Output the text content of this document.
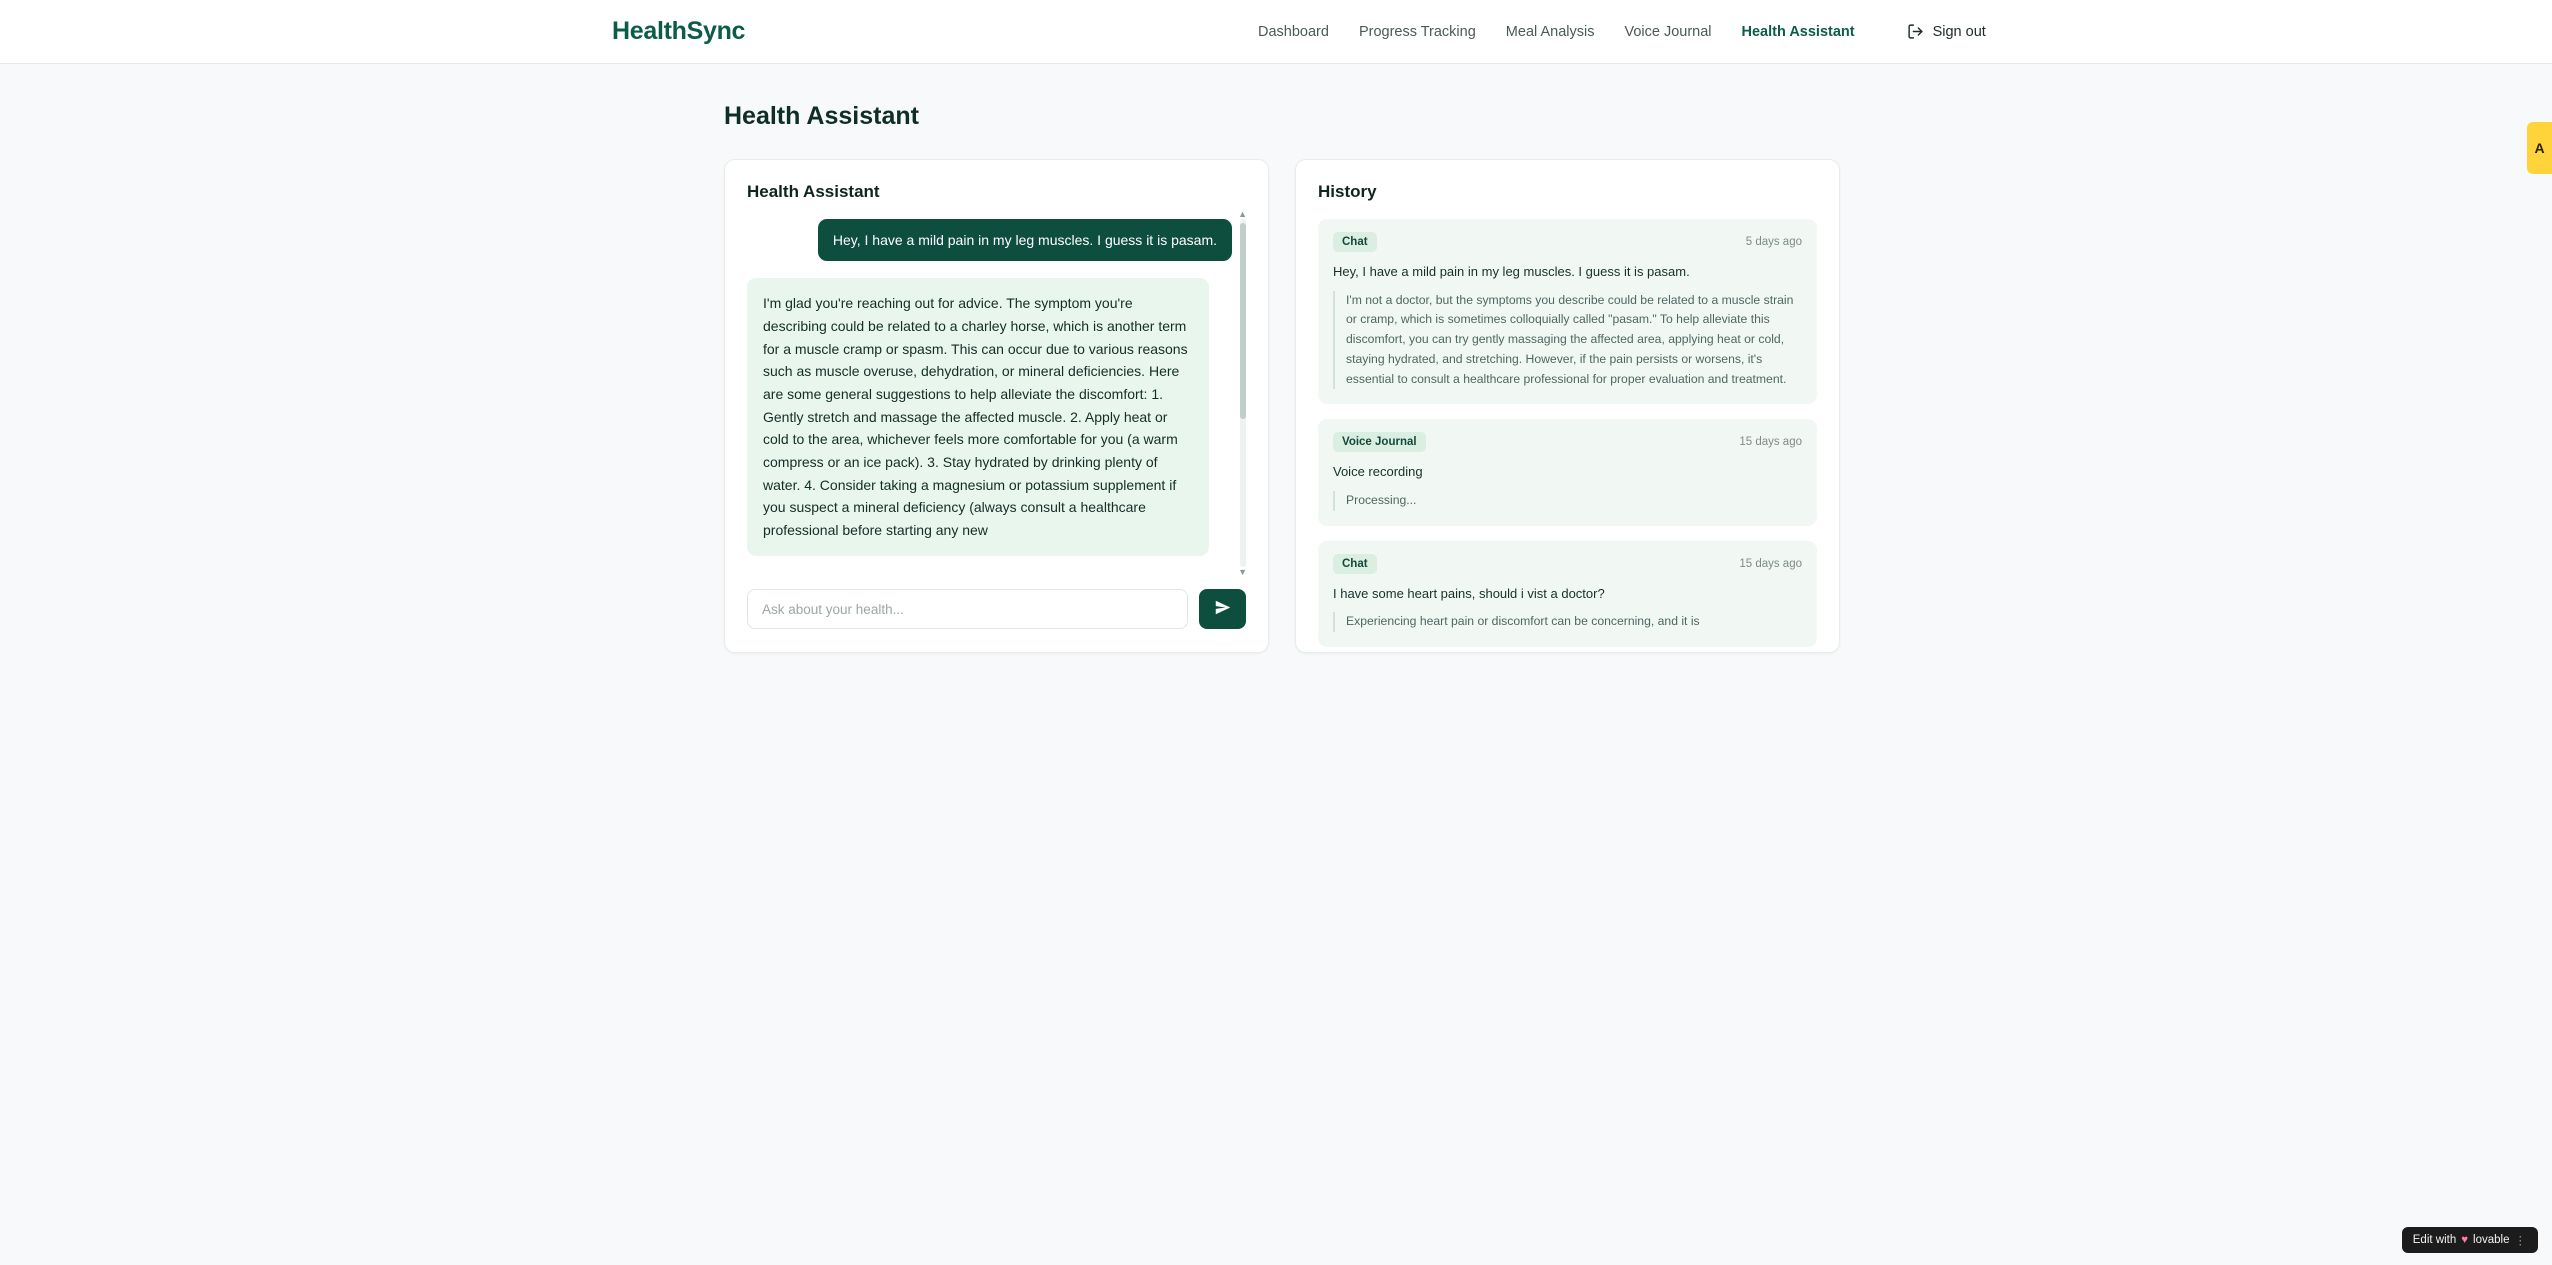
HealthSync	Dashboard Progress Tracking Meal Analysis Voice Journal Health Assistant	Sign out
Health Assistant
Health Assistant
Hey, I have a mild pain in my leg muscles. I guess it is pasam.
I'm glad you're reaching out for advice. The symptom you're describing could be related to a charley horse, which is another term for a muscle cramp or spasm. This can occur due to various reasons such as muscle overuse, dehydration, or mineral deficiencies. Here are some general suggestions to help alleviate the discomfort: 1. Gently stretch and massage the affected muscle. 2. Apply heat or cold to the area, whichever feels more comfortable for you (a warm compress or an ice pack). 3. Stay hydrated by drinking plenty of water. 4. Consider taking a magnesium or potassium supplement if you suspect a mineral deficiency (always consult a healthcare professional before starting any new
▲
▼
Ask about your health...
History
Chat	5 days ago
Hey, I have a mild pain in my leg muscles. I guess it is pasam.
I'm not a doctor, but the symptoms you describe could be related to a muscle strain or cramp, which is sometimes colloquially called "pasam." To help alleviate this discomfort, you can try gently massaging the affected area, applying heat or cold, staying hydrated, and stretching. However, if the pain persists or worsens, it's essential to consult a healthcare professional for proper evaluation and treatment.
Voice Journal	15 days ago
Voice recording
Processing...
Chat	15 days ago
I have some heart pains, should i vist a doctor?
Experiencing heart pain or discomfort can be concerning, and it is
A
Edit with ♥ lovable ⋮
